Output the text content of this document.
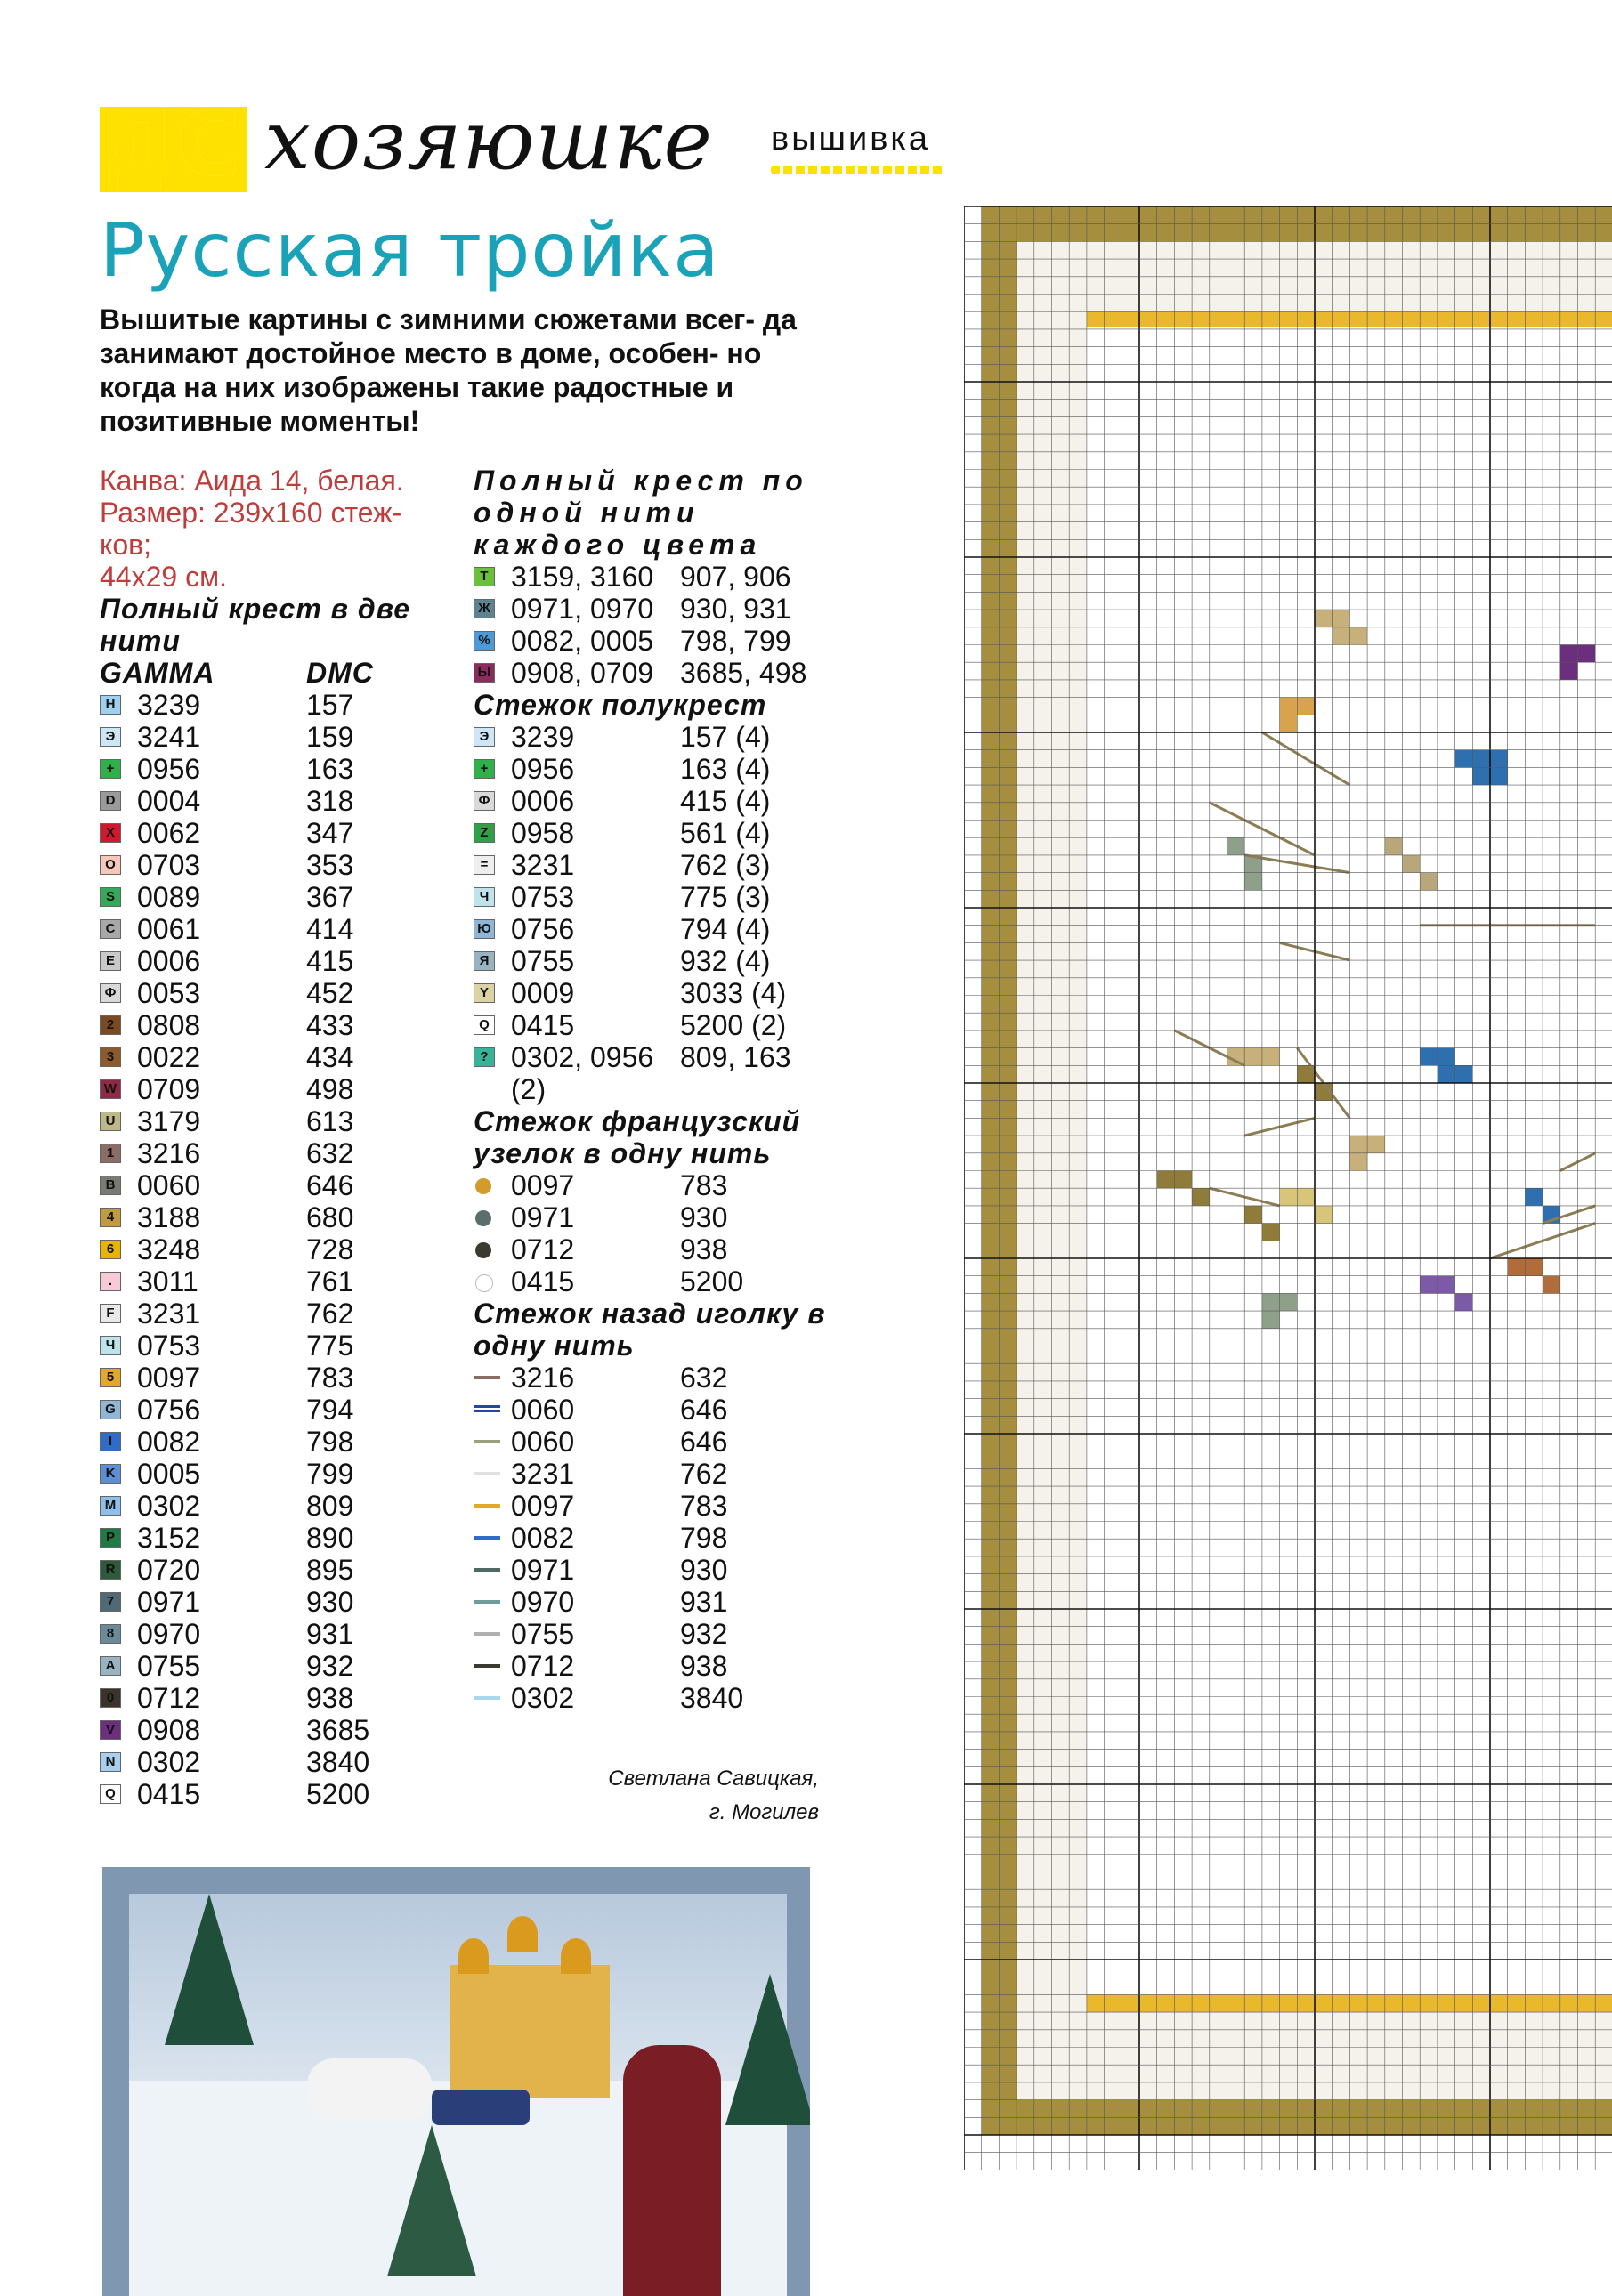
ДС хозяюшке вышивка
Русская тройка
Вышитые картины с зимними сюжетами всег- да занимают достойное место в доме, особен- но когда на них изображены такие радостные и позитивные моменты!
Канва: Аида 14, белая.
Размер: 239х160 стеж- ков;
44х29 см.
Полный крест в две нити
GAMMA	DMC
H 3239	157
Э 3241	159
+ 0956	163
D 0004	318
X 0062	347
O 0703	353
S 0089	367
C 0061	414
E 0006	415
Ф 0053	452
2 0808	433
3 0022	434
W 0709	498
U 3179	613
1 3216	632
B 0060	646
4 3188	680
6 3248	728
. 3011	761
F 3231	762
Ч 0753	775
5 0097	783
G 0756	794
I 0082	798
K 0005	799
M 0302	809
P 3152	890
R 0720	895
7 0971	930
8 0970	931
A 0755	932
0 0712	938
V 0908	3685
N 0302	3840
Q 0415	5200
Полный крест по одной нити каждого цвета
T 3159, 3160 907, 906
Ж 0971, 0970 930, 931
% 0082, 0005 798, 799
Ы 0908, 0709 3685, 498
Стежок полукрест
Э 3239	157 (4)
+ 0956	163 (4)
Ф 0006	415 (4)
Z 0958	561 (4)
= 3231	762 (3)
Ч 0753	775 (3)
Ю 0756	794 (4)
Я 0755	932 (4)
Y 0009	3033 (4)
Q 0415	5200 (2)
? 0302, 0956 809, 163
(2)
Стежок французский узелок в одну нить
0097	783
0971	930
0712	938
0415	5200
Стежок назад иголку в одну нить
3216	632
0060	646
0060	646
3231	762
0097	783
0082	798
0971	930
0970	931
0755	932
0712	938
0302	3840
Светлана Савицкая,
г. Могилев
